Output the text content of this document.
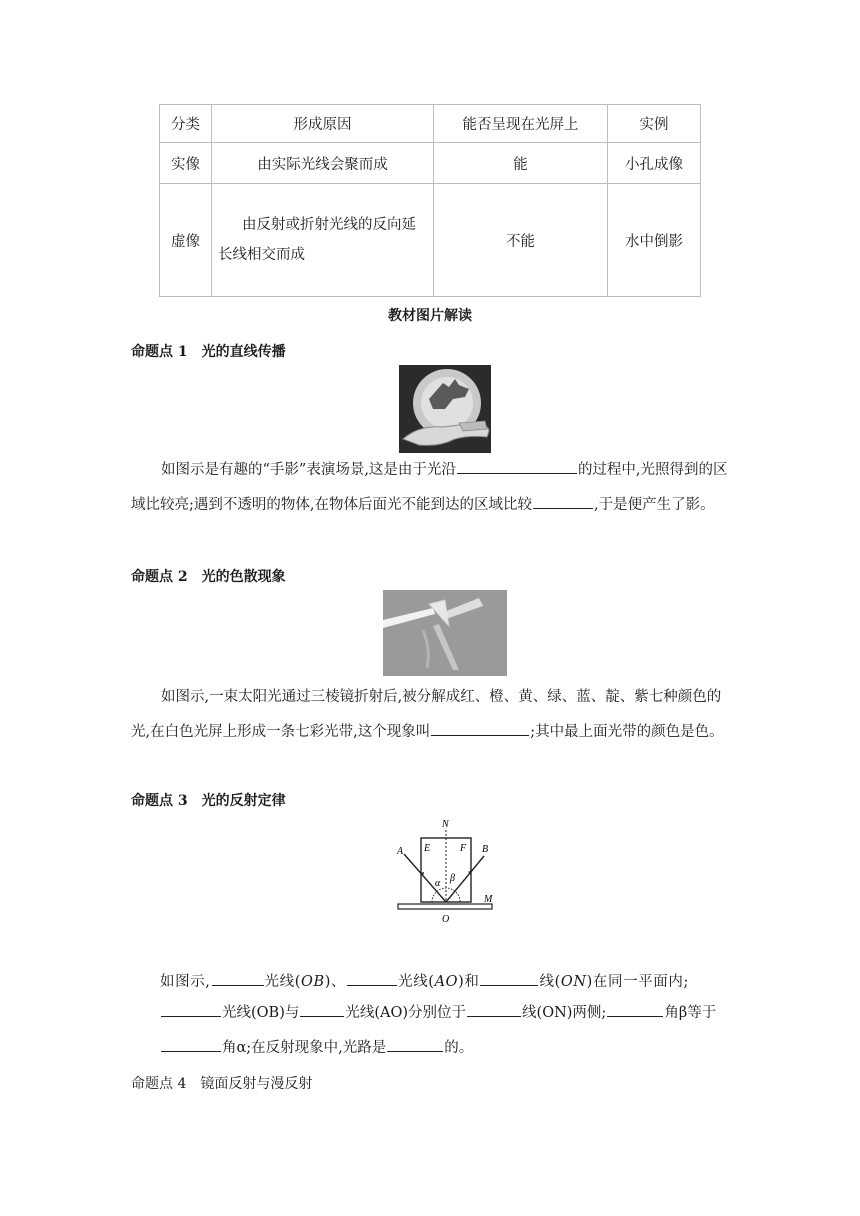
分类	形成原因	能否呈现在光屏上	实例
实像	由实际光线会聚而成	能	小孔成像
虚像	由反射或折射光线的反向延长线相交而成	不能	水中倒影
教材图片解读
命题点 1　光的直线传播
如图示是有趣的“手影”表演场景,这是由于光沿	的过程中,光照得到的区域比较亮;遇到不透明的物体,在物体后面光不能到达的区域比较	,于是便产生了影。
命题点 2　光的色散现象
如图示,一束太阳光通过三棱镜折射后,被分解成红、橙、黄、绿、蓝、靛、紫七种颜色的光,在白色光屏上形成一条七彩光带,这个现象叫	;其中最上面光带的颜色是色。
命题点 3　光的反射定律
N
A	B
E	F
α β
O
M
如图示,	光线(OB)、	光线(AO)和	线(ON)在同一平面内;
光线(OB)与	光线(AO)分别位于	线(ON)两侧;	角β等于
角α;在反射现象中,光路是	的。
命题点 4　镜面反射与漫反射
